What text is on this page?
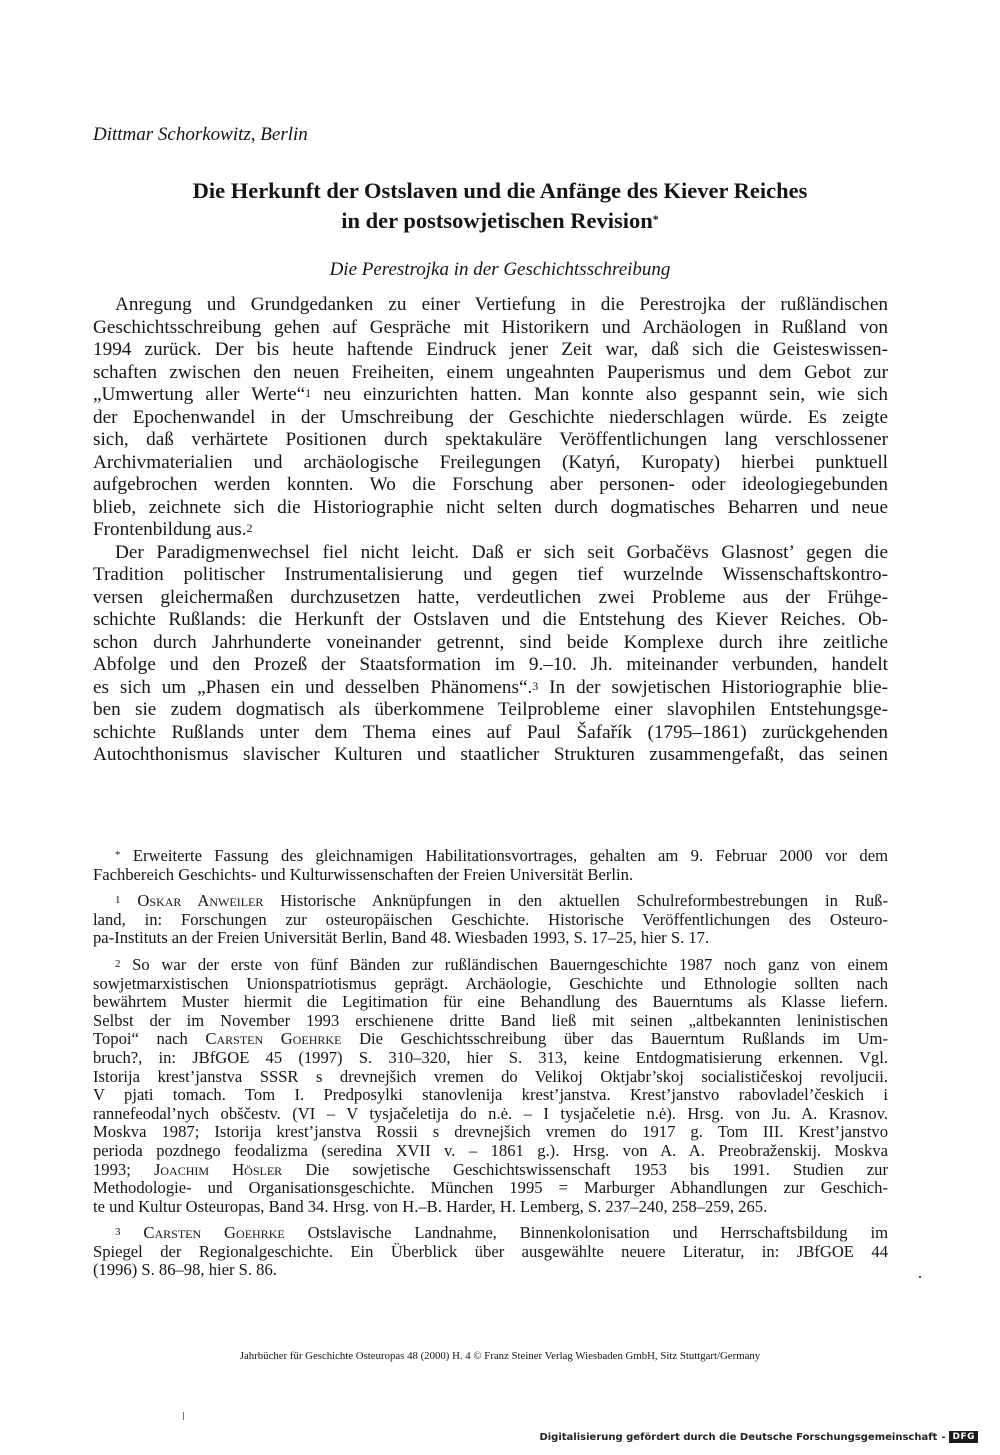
Dittmar Schorkowitz, Berlin
Die Herkunft der Ostslaven und die Anfänge des Kiever Reiches
in der postsowjetischen Revision*
Die Perestrojka in der Geschichtsschreibung
Anregung und Grundgedanken zu einer Vertiefung in die Perestrojka der rußländischen
Geschichtsschreibung gehen auf Gespräche mit Historikern und Archäologen in Rußland von
1994 zurück. Der bis heute haftende Eindruck jener Zeit war, daß sich die Geisteswissen-
schaften zwischen den neuen Freiheiten, einem ungeahnten Pauperismus und dem Gebot zur
„Umwertung aller Werte“$^1$ neu einzurichten hatten. Man konnte also gespannt sein, wie sich
der Epochenwandel in der Umschreibung der Geschichte niederschlagen würde. Es zeigte
sich, daß verhärtete Positionen durch spektakuläre Veröffentlichungen lang verschlossener
Archivmaterialien und archäologische Freilegungen (Katyń, Kuropaty) hierbei punktuell
aufgebrochen werden konnten. Wo die Forschung aber personen- oder ideologiegebunden
blieb, zeichnete sich die Historiographie nicht selten durch dogmatisches Beharren und neue
Frontenbildung aus.$^2$
Der Paradigmenwechsel fiel nicht leicht. Daß er sich seit Gorbačëvs Glasnost’ gegen die
Tradition politischer Instrumentalisierung und gegen tief wurzelnde Wissenschaftskontro-
versen gleichermaßen durchzusetzen hatte, verdeutlichen zwei Probleme aus der Frühge-
schichte Rußlands: die Herkunft der Ostslaven und die Entstehung des Kiever Reiches. Ob-
schon durch Jahrhunderte voneinander getrennt, sind beide Komplexe durch ihre zeitliche
Abfolge und den Prozeß der Staatsformation im 9.–10. Jh. miteinander verbunden, handelt
es sich um „Phasen ein und desselben Phänomens“.$^3$ In der sowjetischen Historiographie blie-
ben sie zudem dogmatisch als überkommene Teilprobleme einer slavophilen Entstehungsge-
schichte Rußlands unter dem Thema eines auf Paul Šafařík (1795–1861) zurückgehenden
Autochthonismus slavischer Kulturen und staatlicher Strukturen zusammengefaßt, das seinen
* Erweiterte Fassung des gleichnamigen Habilitationsvortrages, gehalten am 9. Februar 2000 vor dem
Fachbereich Geschichts- und Kulturwissenschaften der Freien Universität Berlin.
$^1$ Oskar Anweiler Historische Anknüpfungen in den aktuellen Schulreformbestrebungen in Ruß-
land, in: Forschungen zur osteuropäischen Geschichte. Historische Veröffentlichungen des Osteuro-
pa-Instituts an der Freien Universität Berlin, Band 48. Wiesbaden 1993, S. 17–25, hier S. 17.
$^2$ So war der erste von fünf Bänden zur rußländischen Bauerngeschichte 1987 noch ganz von einem
sowjetmarxistischen Unionspatriotismus geprägt. Archäologie, Geschichte und Ethnologie sollten nach
bewährtem Muster hiermit die Legitimation für eine Behandlung des Bauerntums als Klasse liefern.
Selbst der im November 1993 erschienene dritte Band ließ mit seinen „altbekannten leninistischen
Topoi“ nach Carsten Goehrke Die Geschichtsschreibung über das Bauerntum Rußlands im Um-
bruch?, in: JBfGOE 45 (1997) S. 310–320, hier S. 313, keine Entdogmatisierung erkennen. Vgl.
Istorija krest’janstva SSSR s drevnejšich vremen do Velikoj Oktjabr’skoj socialističeskoj revoljucii.
V pjati tomach. Tom I. Predposylki stanovlenija krest’janstva. Krest’janstvo rabovladel’českich i
rannefeodal’nych obščestv. (VI – V tysjačeletija do n.ė. – I tysjačeletie n.ė). Hrsg. von Ju. A. Krasnov.
Moskva 1987; Istorija krest’janstva Rossii s drevnejšich vremen do 1917 g. Tom III. Krest’janstvo
perioda pozdnego feodalizma (seredina XVII v. – 1861 g.). Hrsg. von A. A. Preobraženskij. Moskva
1993; Joachim Hösler Die sowjetische Geschichtswissenschaft 1953 bis 1991. Studien zur
Methodologie- und Organisationsgeschichte. München 1995 = Marburger Abhandlungen zur Geschich-
te und Kultur Osteuropas, Band 34. Hrsg. von H.–B. Harder, H. Lemberg, S. 237–240, 258–259, 265.
$^3$ Carsten Goehrke Ostslavische Landnahme, Binnenkolonisation und Herrschaftsbildung im
Spiegel der Regionalgeschichte. Ein Überblick über ausgewählte neuere Literatur, in: JBfGOE 44
(1996) S. 86–98, hier S. 86.
Jahrbücher für Geschichte Osteuropas 48 (2000) H. 4 © Franz Steiner Verlag Wiesbaden GmbH, Sitz Stuttgart/Germany
Digitalisierung gefördert durch die Deutsche Forschungsgemeinschaft - DFG
